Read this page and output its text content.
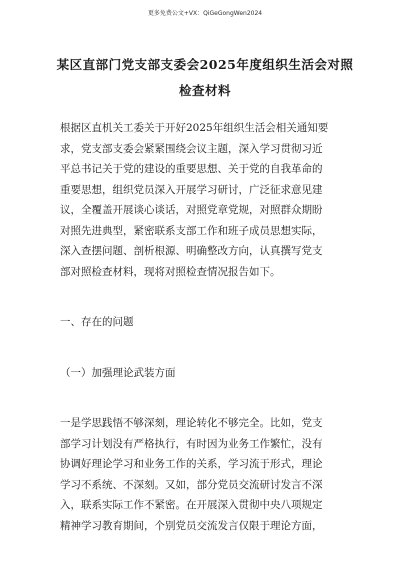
更多免费公文+VX：QiGeGongWen2024
某区直部门党支部支委会2025年度组织生活会对照
检查材料
根据区直机关工委关于开好2025年组织生活会相关通知要
求，党支部支委会紧紧围绕会议主题，深入学习贯彻习近
平总书记关于党的建设的重要思想、关于党的自我革命的
重要思想，组织党员深入开展学习研讨，广泛征求意见建
议，全覆盖开展谈心谈话，对照党章党规，对照群众期盼
对照先进典型，紧密联系支部工作和班子成员思想实际，
深入查摆问题、剖析根源、明确整改方向，认真撰写党支
部对照检查材料，现将对照检查情况报告如下。
一、存在的问题
（一）加强理论武装方面
一是学思践悟不够深刻，理论转化不够完全。比如，党支
部学习计划没有严格执行，有时因为业务工作繁忙，没有
协调好理论学习和业务工作的关系，学习流于形式，理论
学习不系统、不深刻。又如，部分党员交流研讨发言不深
入，联系实际工作不紧密。在开展深入贯彻中央八项规定
精神学习教育期间，个别党员交流发言仅限于理论方面，
